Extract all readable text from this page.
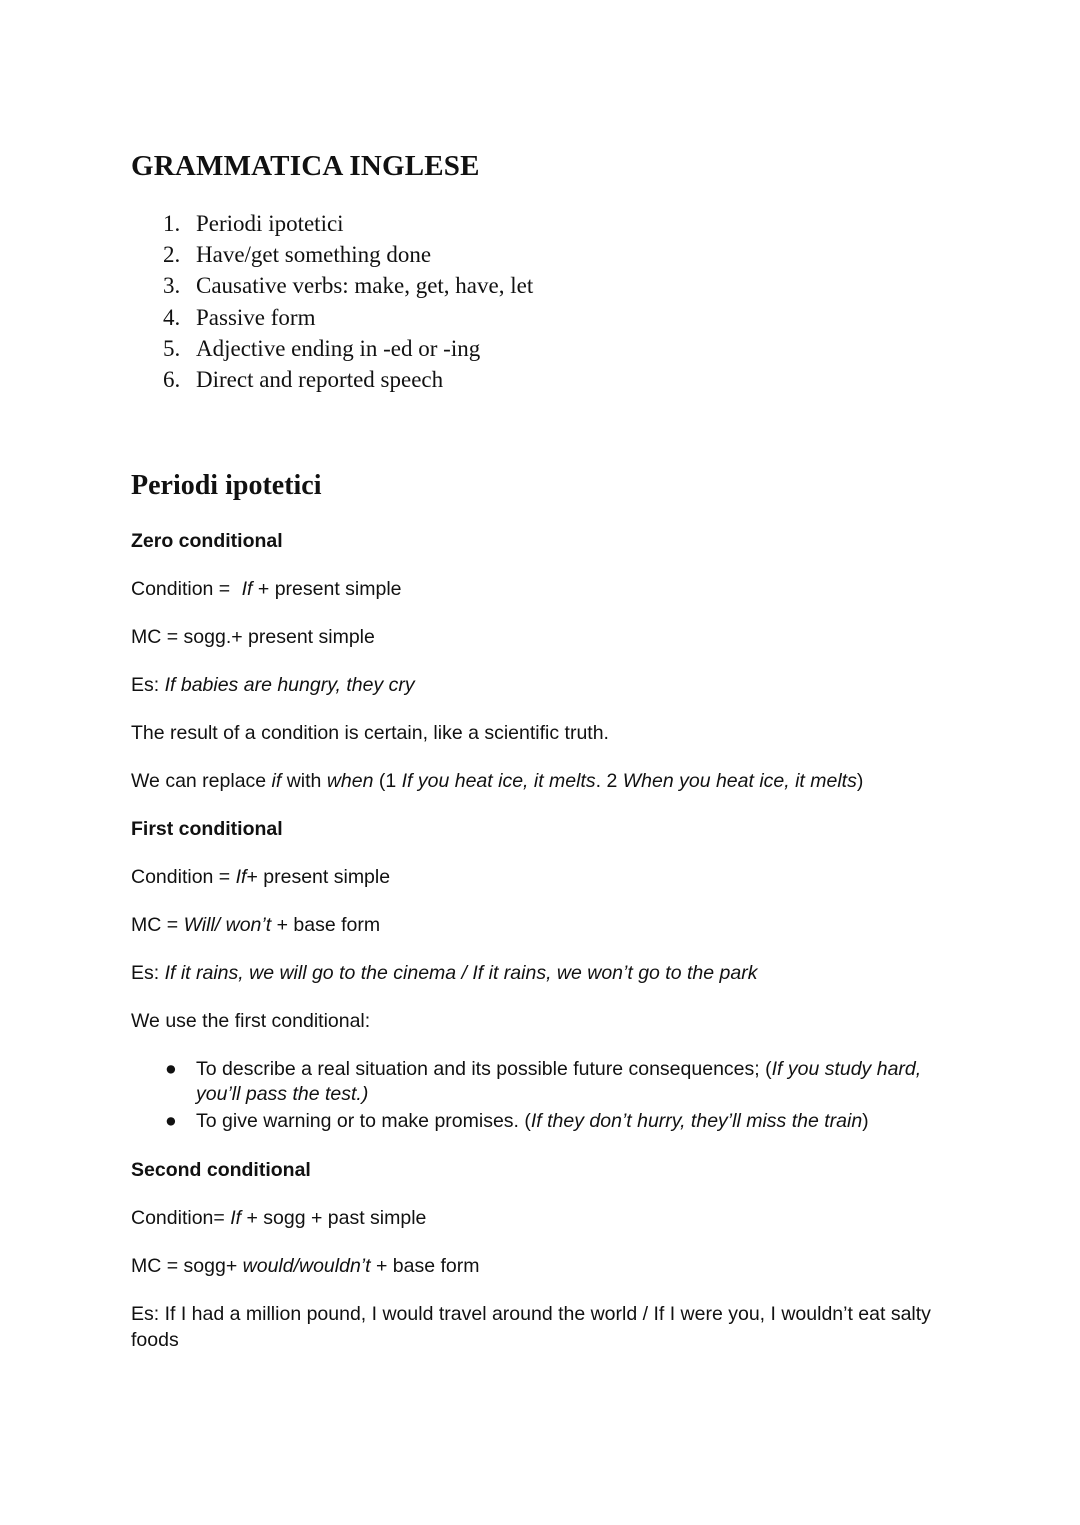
GRAMMATICA INGLESE
1. Periodi ipotetici
2. Have/get something done
3. Causative verbs: make, get, have, let
4. Passive form
5. Adjective ending in -ed or -ing
6. Direct and reported speech
Periodi ipotetici

Zero conditional

Condition = If + present simple

MC = sogg.+ present simple

Es: If babies are hungry, they cry

The result of a condition is certain, like a scientific truth.

We can replace if with when (1 If you heat ice, it melts. 2 When you heat ice, it melts)

First conditional

Condition = If+ present simple

MC = Will/ won’t + base form

Es: If it rains, we will go to the cinema / If it rains, we won’t go to the park

We use the first conditional:

● To describe a real situation and its possible future consequences; (If you study hard, you’ll pass the test.)
● To give warning or to make promises. (If they don’t hurry, they’ll miss the train)

Second conditional

Condition= If + sogg + past simple

MC = sogg+ would/wouldn’t + base form

Es: If I had a million pound, I would travel around the world / If I were you, I wouldn’t eat salty foods
